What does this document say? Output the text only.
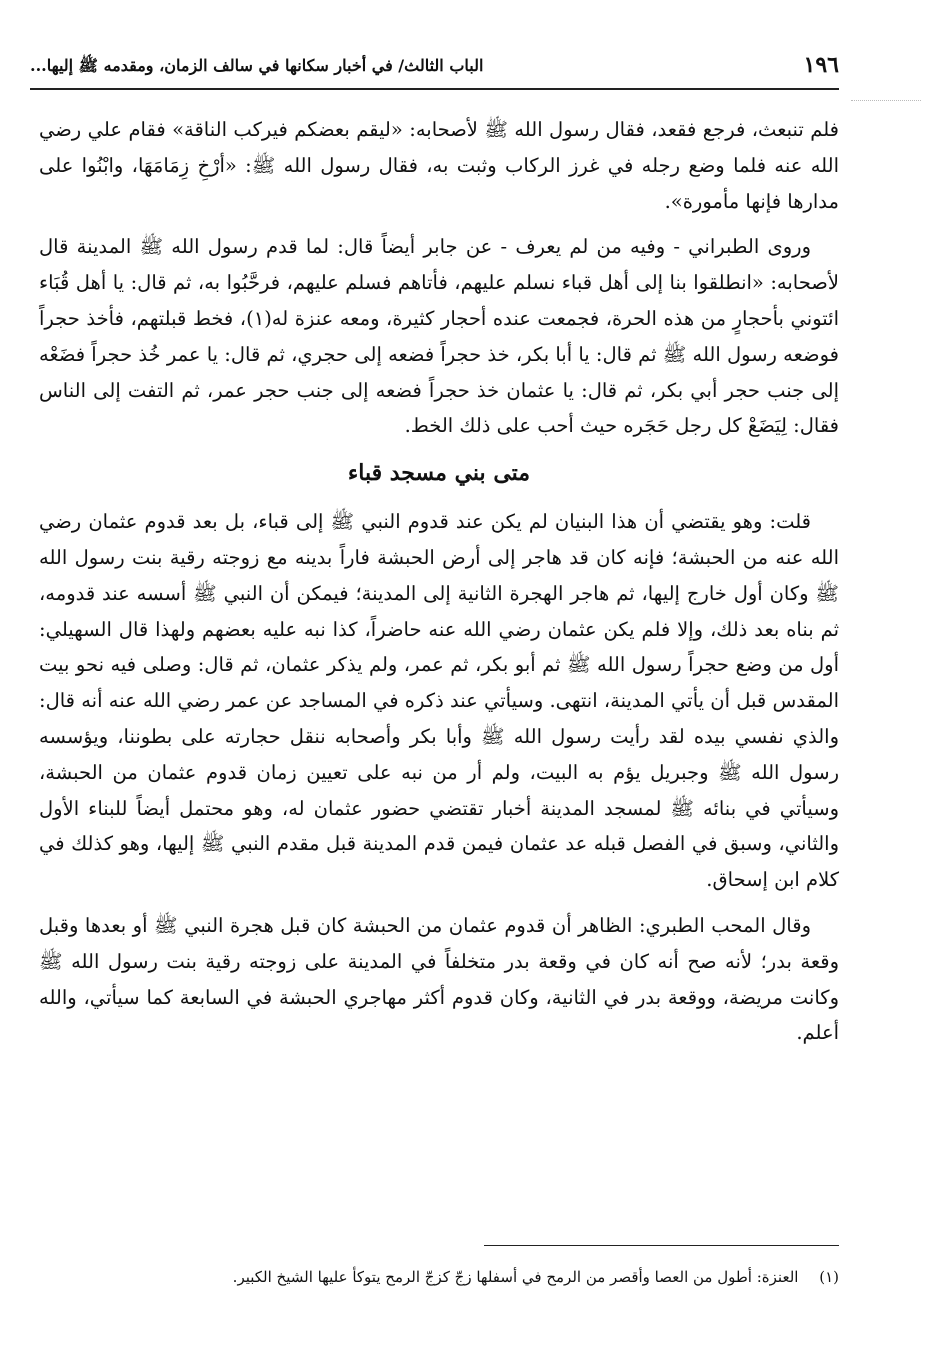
١٩٦
الباب الثالث/ في أخبار سكانها في سالف الزمان، ومقدمه ﷺ إليها...

فلم تنبعث، فرجع فقعد، فقال رسول الله ﷺ لأصحابه: «ليقم بعضكم فيركب الناقة» فقام علي رضي الله عنه فلما وضع رجله في غرز الركاب وثبت به، فقال رسول الله ﷺ: «أرْخِ زِمَامَهَا، وابْنُوا على مدارها فإنها مأمورة».

وروى الطبراني - وفيه من لم يعرف - عن جابر أيضاً قال: لما قدم رسول الله ﷺ المدينة قال لأصحابه: «انطلقوا بنا إلى أهل قباء نسلم عليهم، فأتاهم فسلم عليهم، فرحَّبُوا به، ثم قال: يا أهل قُبَاء ائتوني بأحجارٍ من هذه الحرة، فجمعت عنده أحجار كثيرة، ومعه عنزة له(١)، فخط قبلتهم، فأخذ حجراً فوضعه رسول الله ﷺ ثم قال: يا أبا بكر، خذ حجراً فضعه إلى حجري، ثم قال: يا عمر خُذ حجراً فضَعْه إلى جنب حجر أبي بكر، ثم قال: يا عثمان خذ حجراً فضعه إلى جنب حجر عمر، ثم التفت إلى الناس فقال: لِيَضَعْ كل رجل حَجَره حيث أحب على ذلك الخط.

متى بني مسجد قباء

قلت: وهو يقتضي أن هذا البنيان لم يكن عند قدوم النبي ﷺ إلى قباء، بل بعد قدوم عثمان رضي الله عنه من الحبشة؛ فإنه كان قد هاجر إلى أرض الحبشة فاراً بدينه مع زوجته رقية بنت رسول الله ﷺ وكان أول خارج إليها، ثم هاجر الهجرة الثانية إلى المدينة؛ فيمكن أن النبي ﷺ أسسه عند قدومه، ثم بناه بعد ذلك، وإلا فلم يكن عثمان رضي الله عنه حاضراً، كذا نبه عليه بعضهم ولهذا قال السهيلي: أول من وضع حجراً رسول الله ﷺ ثم أبو بكر، ثم عمر، ولم يذكر عثمان، ثم قال: وصلى فيه نحو بيت المقدس قبل أن يأتي المدينة، انتهى. وسيأتي عند ذكره في المساجد عن عمر رضي الله عنه أنه قال: والذي نفسي بيده لقد رأيت رسول الله ﷺ وأبا بكر وأصحابه ننقل حجارته على بطوننا، ويؤسسه رسول الله ﷺ وجبريل يؤم به البيت، ولم أر من نبه على تعيين زمان قدوم عثمان من الحبشة، وسيأتي في بنائه ﷺ لمسجد المدينة أخبار تقتضي حضور عثمان له، وهو محتمل أيضاً للبناء الأول والثاني، وسبق في الفصل قبله عد عثمان فيمن قدم المدينة قبل مقدم النبي ﷺ إليها، وهو كذلك في كلام ابن إسحاق.

وقال المحب الطبري: الظاهر أن قدوم عثمان من الحبشة كان قبل هجرة النبي ﷺ أو بعدها وقبل وقعة بدر؛ لأنه صح أنه كان في وقعة بدر متخلفاً في المدينة على زوجته رقية بنت رسول الله ﷺ وكانت مريضة، ووقعة بدر في الثانية، وكان قدوم أكثر مهاجري الحبشة في السابعة كما سيأتي، والله أعلم.

(١) العنزة: أطول من العصا وأقصر من الرمح في أسفلها زجّ كزجّ الرمح يتوكأ عليها الشيخ الكبير.
